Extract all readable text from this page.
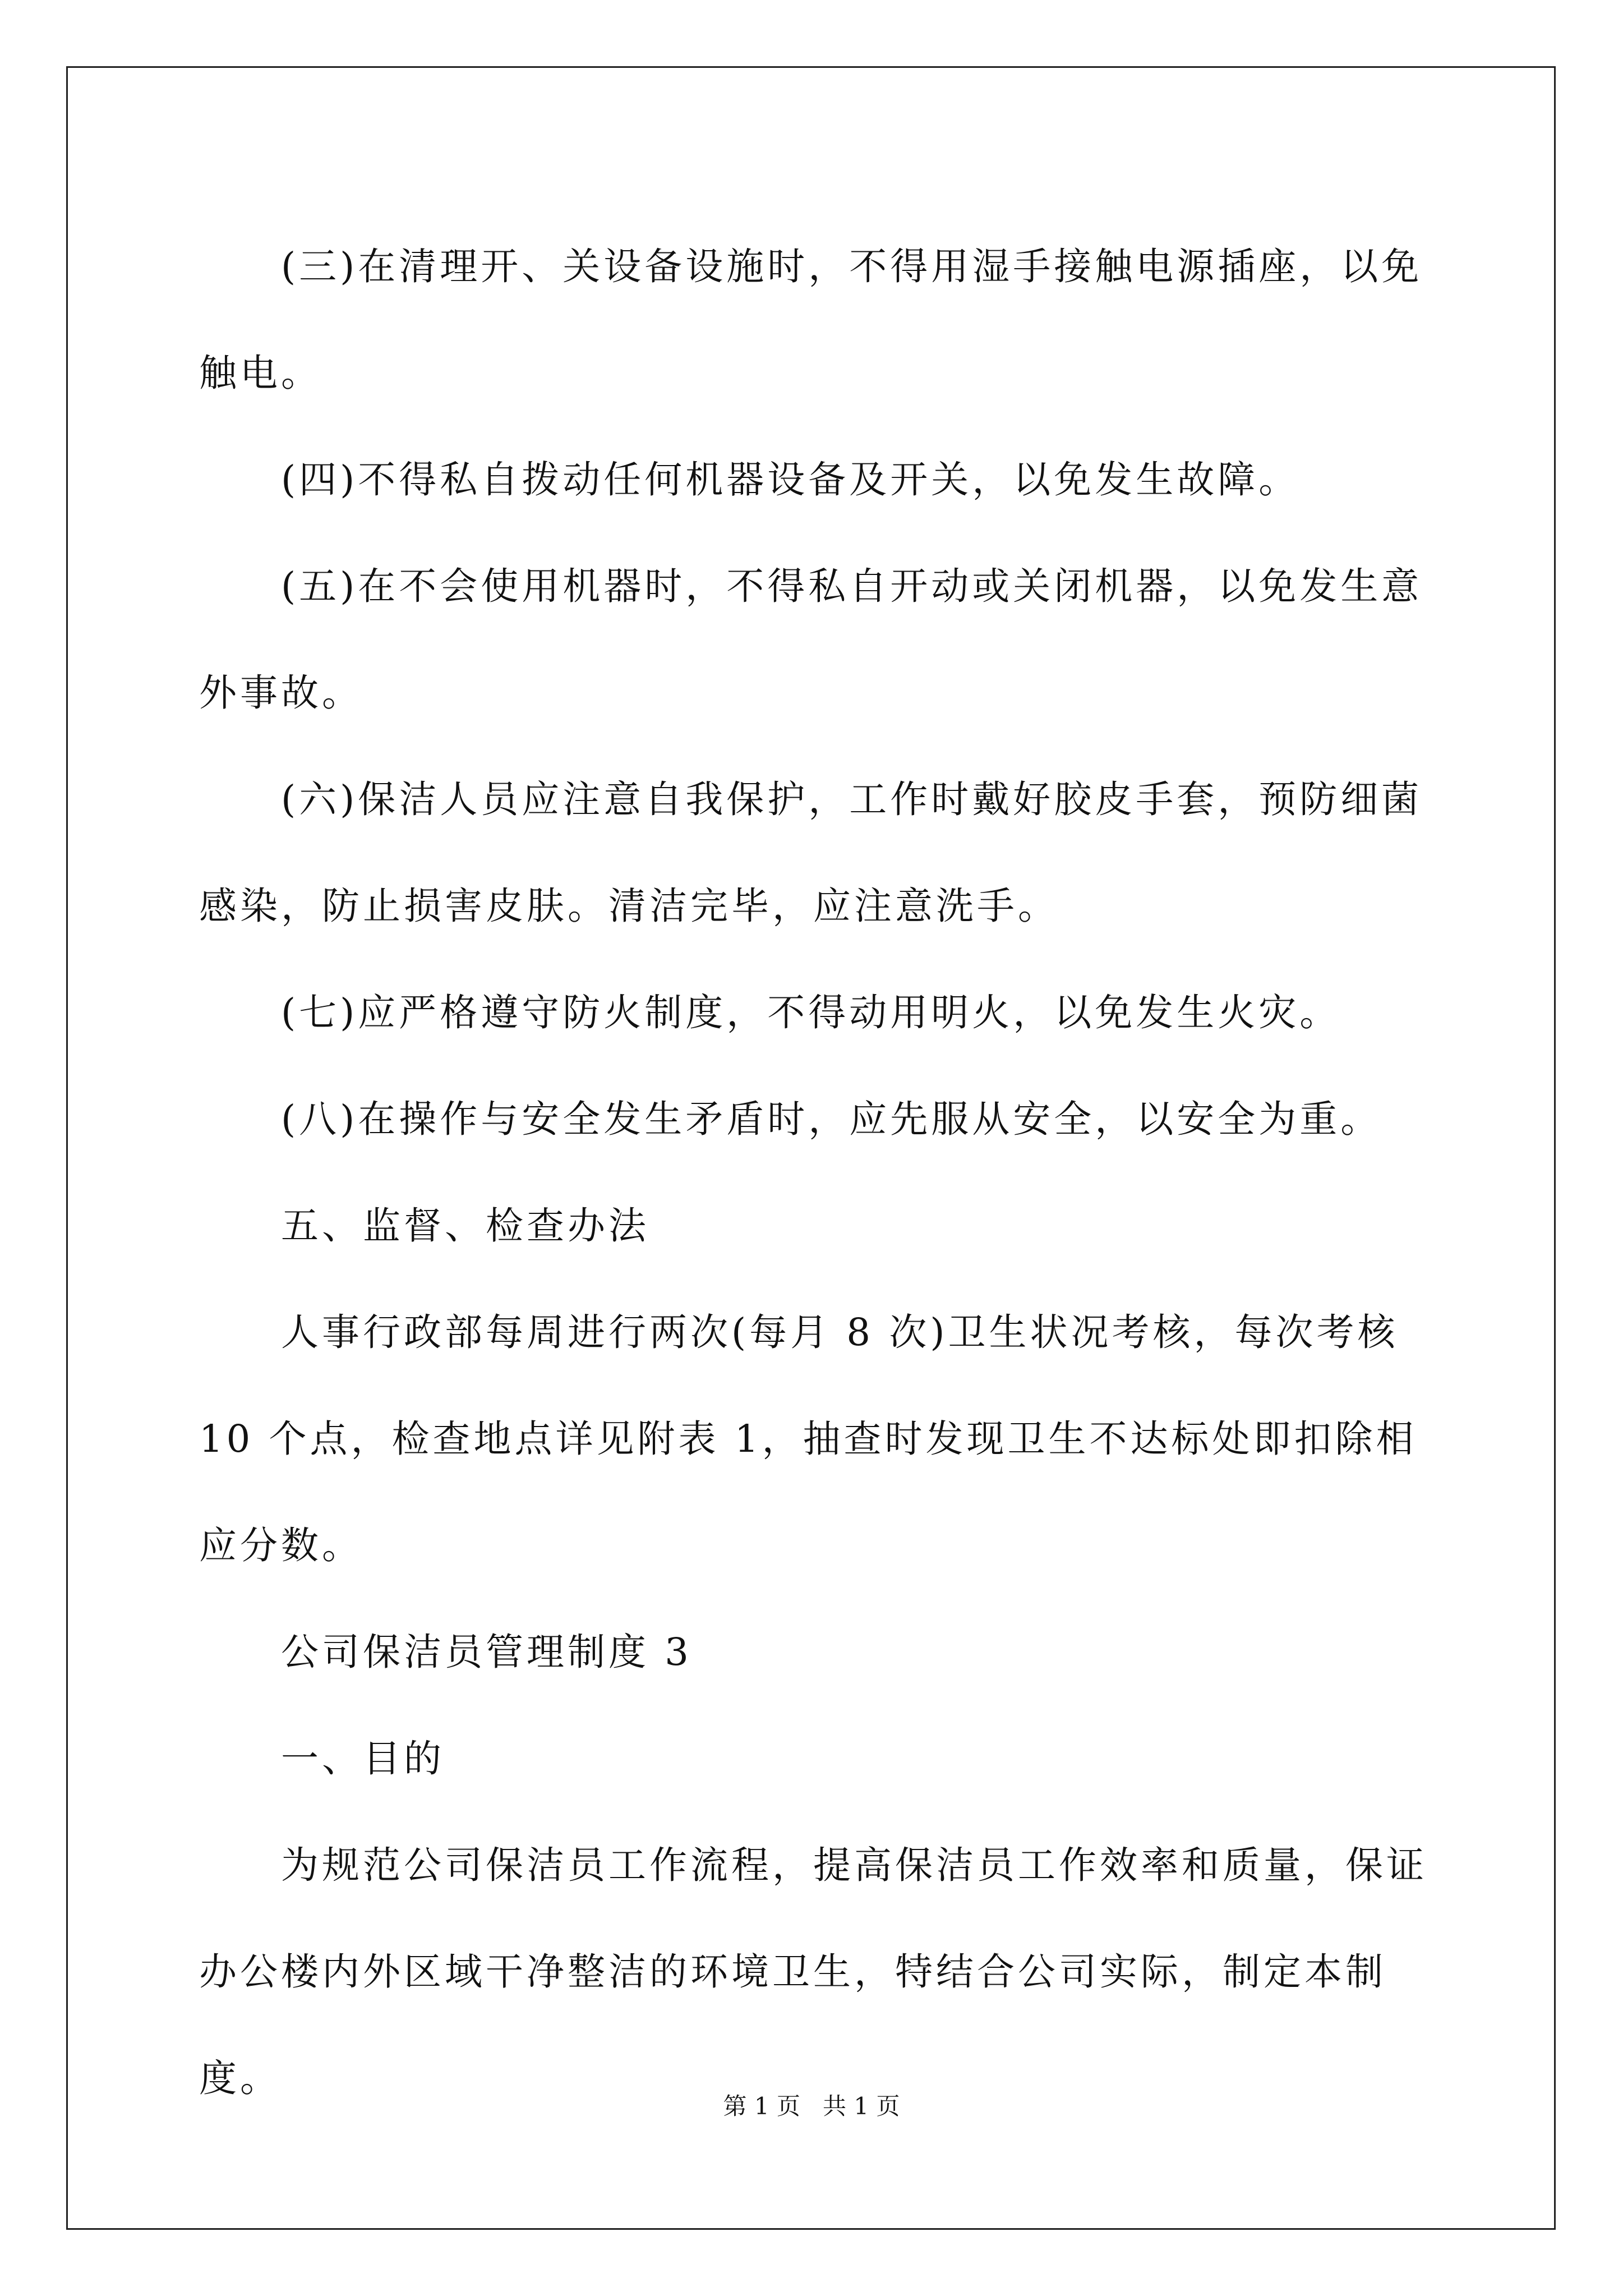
(三)在清理开、关设备设施时，不得用湿手接触电源插座，以免触电。

(四)不得私自拨动任何机器设备及开关，以免发生故障。

(五)在不会使用机器时，不得私自开动或关闭机器，以免发生意外事故。

(六)保洁人员应注意自我保护，工作时戴好胶皮手套，预防细菌感染，防止损害皮肤。清洁完毕，应注意洗手。

(七)应严格遵守防火制度，不得动用明火，以免发生火灾。

(八)在操作与安全发生矛盾时，应先服从安全，以安全为重。

五、监督、检查办法

人事行政部每周进行两次(每月 8 次)卫生状况考核，每次考核 10 个点，检查地点详见附表 1，抽查时发现卫生不达标处即扣除相应分数。

公司保洁员管理制度 3

一、目的

为规范公司保洁员工作流程，提高保洁员工作效率和质量，保证办公楼内外区域干净整洁的环境卫生，特结合公司实际，制定本制度。

第 1 页   共 1 页
